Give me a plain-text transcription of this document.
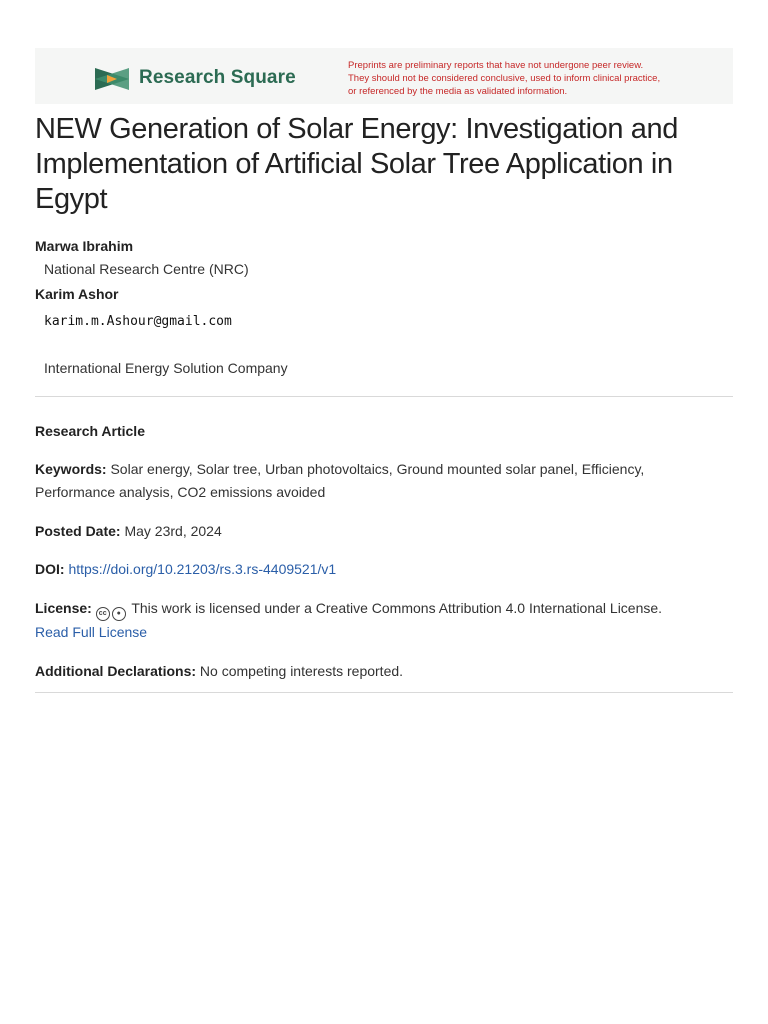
Research Square
Preprints are preliminary reports that have not undergone peer review.
They should not be considered conclusive, used to inform clinical practice,
or referenced by the media as validated information.
NEW Generation of Solar Energy: Investigation and Implementation of Artificial Solar Tree Application in Egypt
Marwa Ibrahim
National Research Centre (NRC)
Karim Ashor
karim.m.Ashour@gmail.com
International Energy Solution Company
Research Article
Keywords: Solar energy, Solar tree, Urban photovoltaics, Ground mounted solar panel, Efficiency, Performance analysis, CO2 emissions avoided
Posted Date: May 23rd, 2024
DOI: https://doi.org/10.21203/rs.3.rs-4409521/v1
License: cc ● This work is licensed under a Creative Commons Attribution 4.0 International License.
Read Full License
Additional Declarations: No competing interests reported.
